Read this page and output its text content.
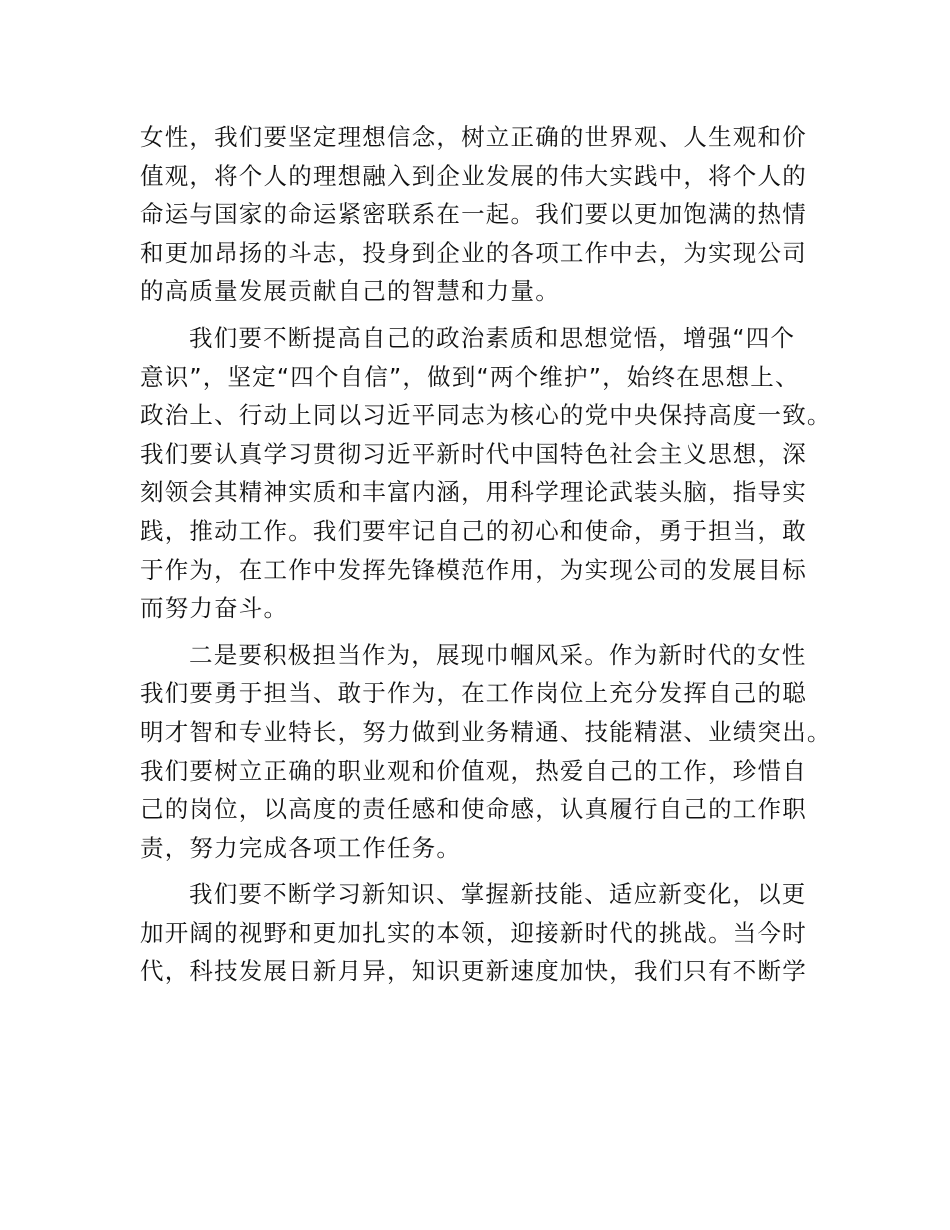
女性，我们要坚定理想信念，树立正确的世界观、人生观和价
值观，将个人的理想融入到企业发展的伟大实践中，将个人的
命运与国家的命运紧密联系在一起。我们要以更加饱满的热情
和更加昂扬的斗志，投身到企业的各项工作中去，为实现公司
的高质量发展贡献自己的智慧和力量。
我们要不断提高自己的政治素质和思想觉悟，增强“四个
意识”，坚定“四个自信”，做到“两个维护”，始终在思想上、
政治上、行动上同以习近平同志为核心的党中央保持高度一致。
我们要认真学习贯彻习近平新时代中国特色社会主义思想，深
刻领会其精神实质和丰富内涵，用科学理论武装头脑，指导实
践，推动工作。我们要牢记自己的初心和使命，勇于担当，敢
于作为，在工作中发挥先锋模范作用，为实现公司的发展目标
而努力奋斗。
二是要积极担当作为，展现巾帼风采。作为新时代的女性
我们要勇于担当、敢于作为，在工作岗位上充分发挥自己的聪
明才智和专业特长，努力做到业务精通、技能精湛、业绩突出。
我们要树立正确的职业观和价值观，热爱自己的工作，珍惜自
己的岗位，以高度的责任感和使命感，认真履行自己的工作职
责，努力完成各项工作任务。
我们要不断学习新知识、掌握新技能、适应新变化，以更
加开阔的视野和更加扎实的本领，迎接新时代的挑战。当今时
代，科技发展日新月异，知识更新速度加快，我们只有不断学
